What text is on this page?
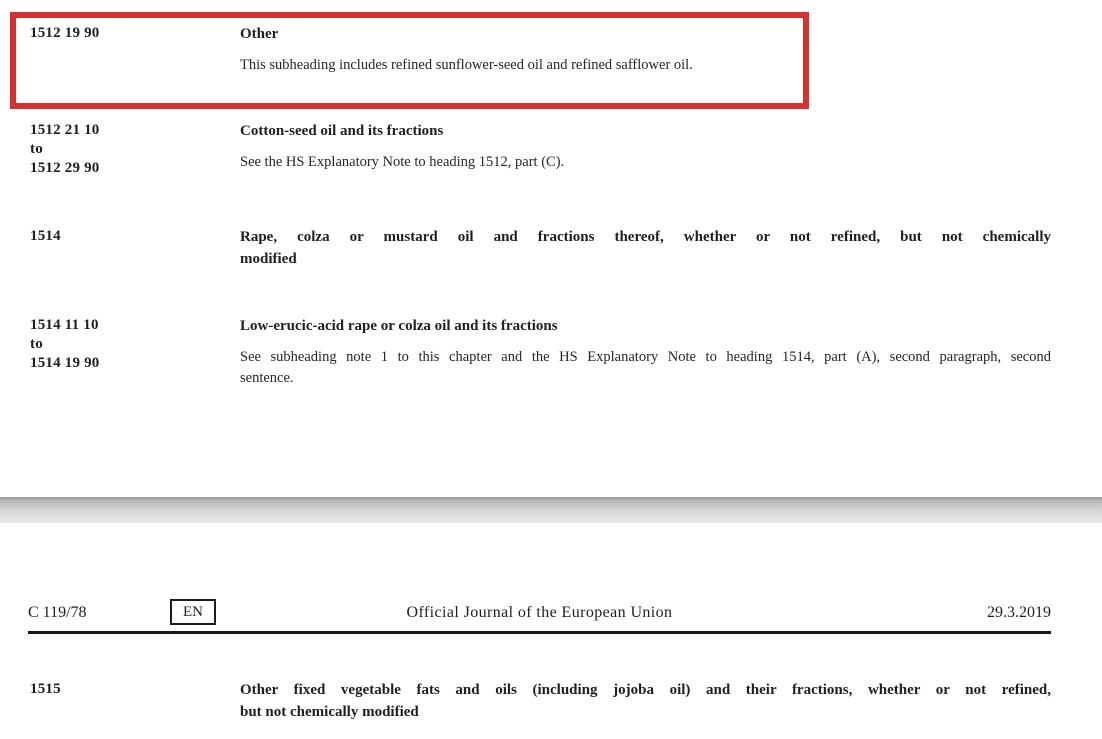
1512 19 90	Other
This subheading includes refined sunflower-seed oil and refined safflower oil.
1512 21 10
to
1512 29 90
Cotton-seed oil and its fractions
See the HS Explanatory Note to heading 1512, part (C).
1514	Rape, colza or mustard oil and fractions thereof, whether or not refined, but not chemically
modified
1514 11 10
to
1514 19 90
Low-erucic-acid rape or colza oil and its fractions
See subheading note 1 to this chapter and the HS Explanatory Note to heading 1514, part (A), second paragraph, second
sentence.
C 119/78	EN	Official Journal of the European Union	29.3.2019
1515	Other fixed vegetable fats and oils (including jojoba oil) and their fractions, whether or not refined,
but not chemically modified
